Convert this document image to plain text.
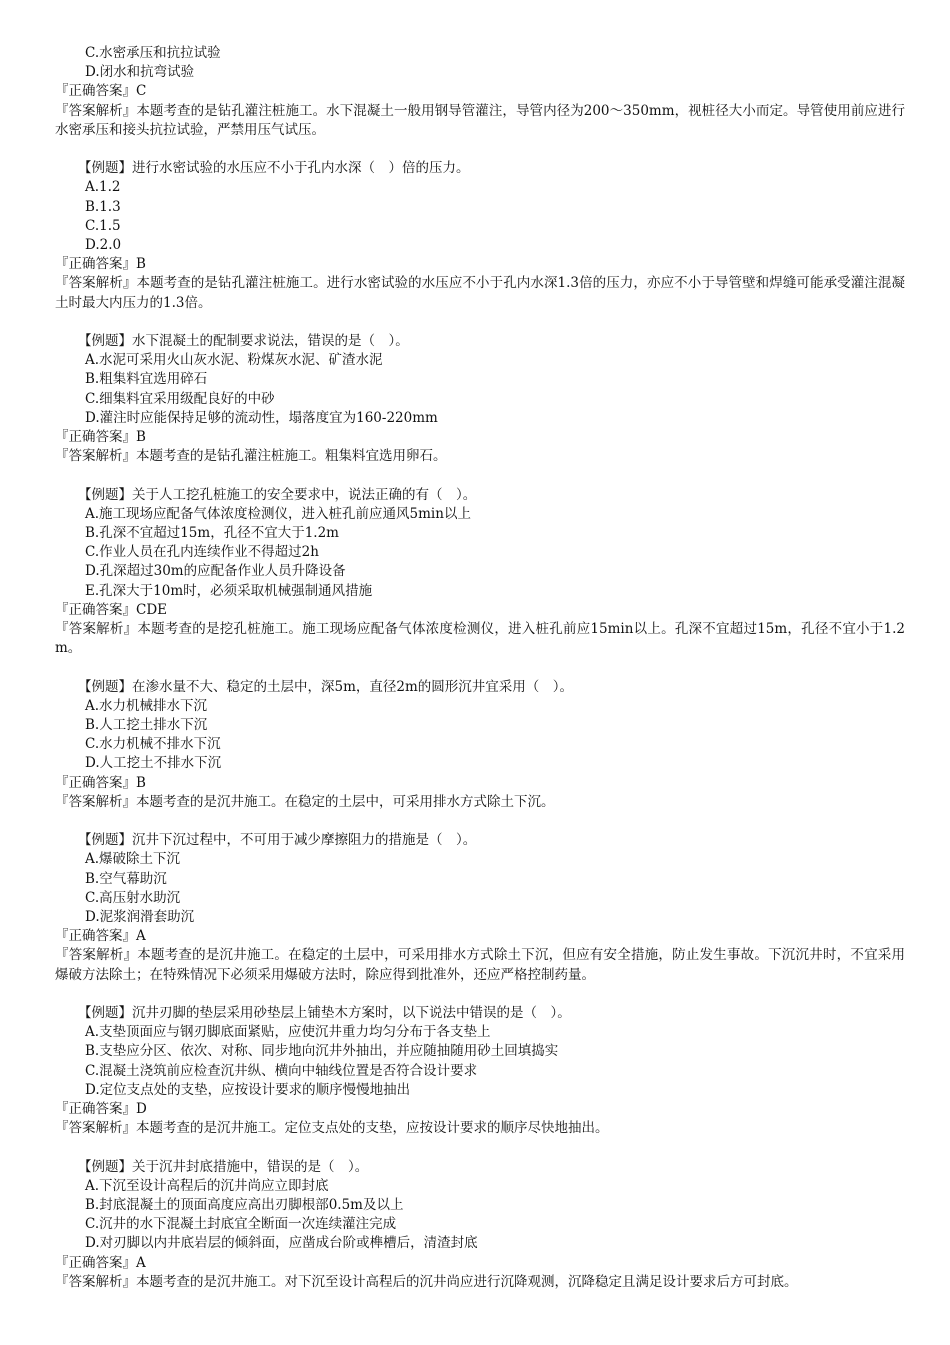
C.水密承压和抗拉试验
D.闭水和抗弯试验
『正确答案』C
『答案解析』本题考查的是钻孔灌注桩施工。水下混凝土一般用钢导管灌注，导管内径为200～350mm，视桩径大小而定。导管使用前应进行水密承压和接头抗拉试验，严禁用压气试压。
【例题】进行水密试验的水压应不小于孔内水深（　）倍的压力。
A.1.2
B.1.3
C.1.5
D.2.0
『正确答案』B
『答案解析』本题考查的是钻孔灌注桩施工。进行水密试验的水压应不小于孔内水深1.3倍的压力，亦应不小于导管壁和焊缝可能承受灌注混凝土时最大内压力的1.3倍。
【例题】水下混凝土的配制要求说法，错误的是（　）。
A.水泥可采用火山灰水泥、粉煤灰水泥、矿渣水泥
B.粗集料宜选用碎石
C.细集料宜采用级配良好的中砂
D.灌注时应能保持足够的流动性，塌落度宜为160-220mm
『正确答案』B
『答案解析』本题考查的是钻孔灌注桩施工。粗集料宜选用卵石。
【例题】关于人工挖孔桩施工的安全要求中，说法正确的有（　）。
A.施工现场应配备气体浓度检测仪，进入桩孔前应通风5min以上
B.孔深不宜超过15m，孔径不宜大于1.2m
C.作业人员在孔内连续作业不得超过2h
D.孔深超过30m的应配备作业人员升降设备
E.孔深大于10m时，必须采取机械强制通风措施
『正确答案』CDE
『答案解析』本题考查的是挖孔桩施工。施工现场应配备气体浓度检测仪，进入桩孔前应15min以上。孔深不宜超过15m，孔径不宜小于1.2m。
【例题】在渗水量不大、稳定的土层中，深5m，直径2m的圆形沉井宜采用（　）。
A.水力机械排水下沉
B.人工挖土排水下沉
C.水力机械不排水下沉
D.人工挖土不排水下沉
『正确答案』B
『答案解析』本题考查的是沉井施工。在稳定的土层中，可采用排水方式除土下沉。
【例题】沉井下沉过程中，不可用于减少摩擦阻力的措施是（　）。
A.爆破除土下沉
B.空气幕助沉
C.高压射水助沉
D.泥浆润滑套助沉
『正确答案』A
『答案解析』本题考查的是沉井施工。在稳定的土层中，可采用排水方式除土下沉，但应有安全措施，防止发生事故。下沉沉井时，不宜采用爆破方法除土；在特殊情况下必须采用爆破方法时，除应得到批准外，还应严格控制药量。
【例题】沉井刃脚的垫层采用砂垫层上铺垫木方案时，以下说法中错误的是（　）。
A.支垫顶面应与钢刃脚底面紧贴，应使沉井重力均匀分布于各支垫上
B.支垫应分区、依次、对称、同步地向沉井外抽出，并应随抽随用砂土回填捣实
C.混凝土浇筑前应检查沉井纵、横向中轴线位置是否符合设计要求
D.定位支点处的支垫，应按设计要求的顺序慢慢地抽出
『正确答案』D
『答案解析』本题考查的是沉井施工。定位支点处的支垫，应按设计要求的顺序尽快地抽出。
【例题】关于沉井封底措施中，错误的是（　）。
A.下沉至设计高程后的沉井尚应立即封底
B.封底混凝土的顶面高度应高出刃脚根部0.5m及以上
C.沉井的水下混凝土封底宜全断面一次连续灌注完成
D.对刃脚以内井底岩层的倾斜面，应凿成台阶或榫槽后，清渣封底
『正确答案』A
『答案解析』本题考查的是沉井施工。对下沉至设计高程后的沉井尚应进行沉降观测，沉降稳定且满足设计要求后方可封底。
